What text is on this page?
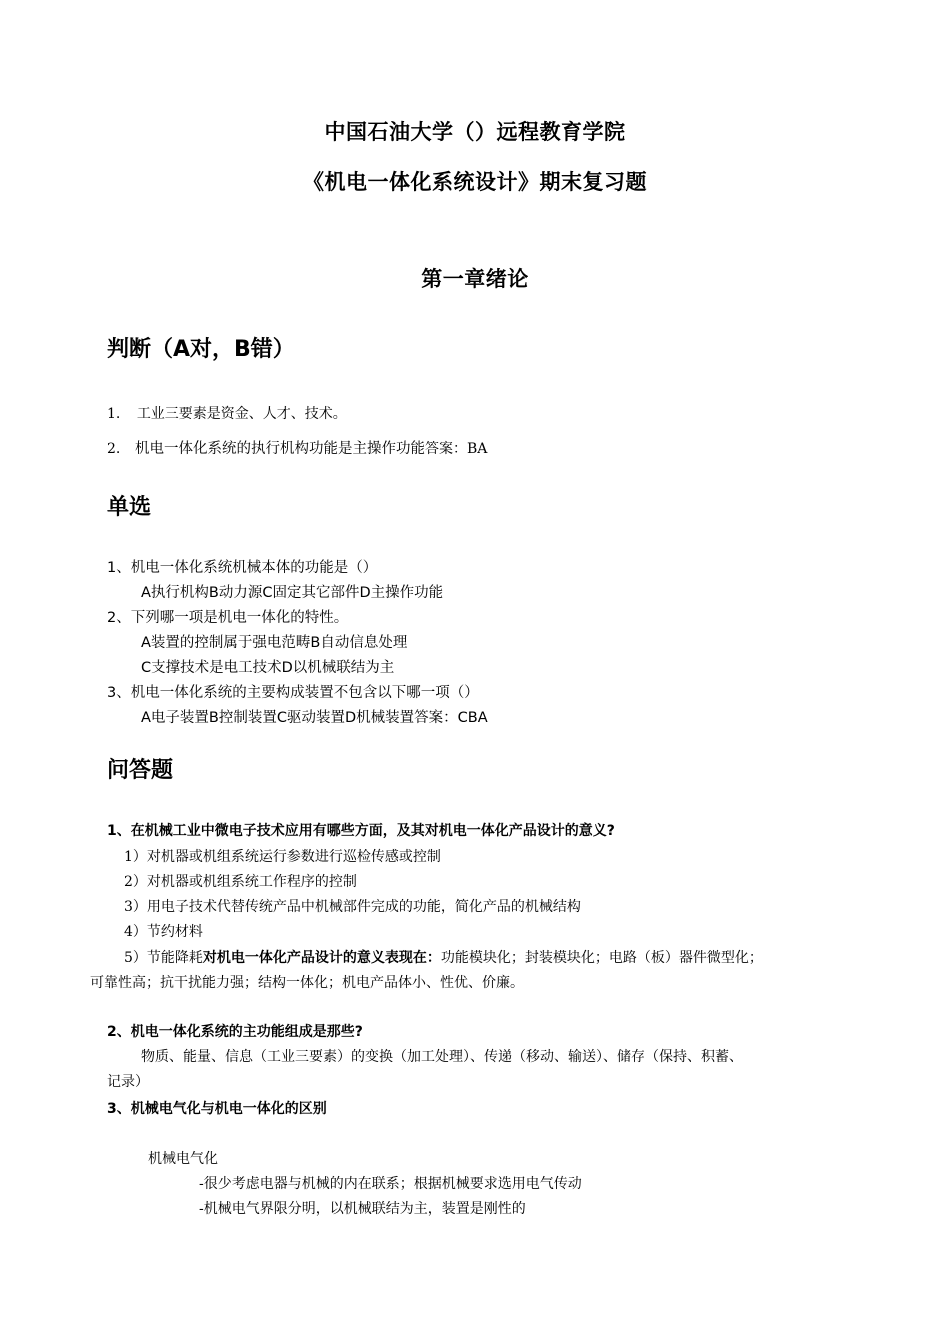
中国石油大学（）远程教育学院
《机电一体化系统设计》期末复习题
第一章绪论
判断（A对，B错）
1. 工业三要素是资金、人才、技术。
2. 机电一体化系统的执行机构功能是主操作功能答案：BA
单选
1、机电一体化系统机械本体的功能是（）
A执行机构B动力源C固定其它部件D主操作功能
2、下列哪一项是机电一体化的特性。
A装置的控制属于强电范畴B自动信息处理
C支撑技术是电工技术D以机械联结为主
3、机电一体化系统的主要构成装置不包含以下哪一项（）
A电子装置B控制装置C驱动装置D机械装置答案：CBA
问答题
1、在机械工业中微电子技术应用有哪些方面，及其对机电一体化产品设计的意义?
1）对机器或机组系统运行参数进行巡检传感或控制
2）对机器或机组系统工作程序的控制
3）用电子技术代替传统产品中机械部件完成的功能，简化产品的机械结构
4）节约材料
5）节能降耗对机电一体化产品设计的意义表现在：功能模块化；封装模块化；电路（板）器件微型化；
可靠性高；抗干扰能力强；结构一体化；机电产品体小、性优、价廉。
2、机电一体化系统的主功能组成是那些?
物质、能量、信息（工业三要素）的变换（加工处理）、传递（移动、输送）、储存（保持、积蓄、
记录）
3、机械电气化与机电一体化的区别
机械电气化
-很少考虑电器与机械的内在联系；根据机械要求选用电气传动
-机械电气界限分明，以机械联结为主，装置是刚性的
